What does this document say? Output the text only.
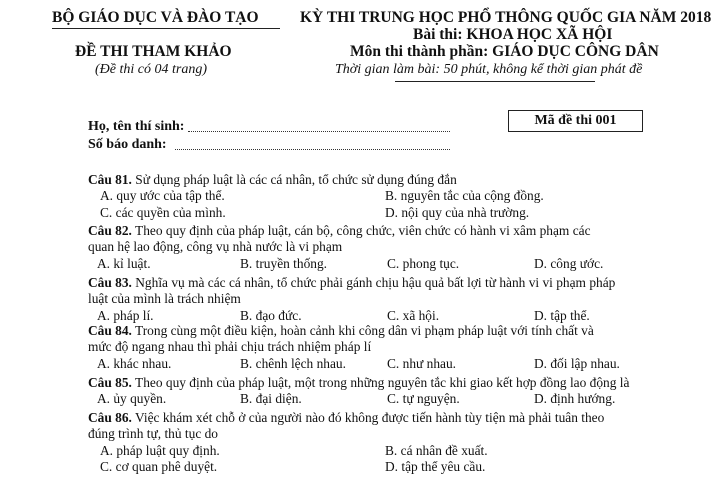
BỘ GIÁO DỤC VÀ ĐÀO TẠO	KỲ THI TRUNG HỌC PHỔ THÔNG QUỐC GIA NĂM 2018
Bài thi: KHOA HỌC XÃ HỘI
ĐỀ THI THAM KHẢO	Môn thi thành phần: GIÁO DỤC CÔNG DÂN
(Đề thi có 04 trang)	Thời gian làm bài: 50 phút, không kể thời gian phát đề
Họ, tên thí sinh:
Số báo danh:
Mã đề thi 001
Câu 81. Sử dụng pháp luật là các cá nhân, tổ chức sử dụng đúng đắn
A. quy ước của tập thể.	B. nguyên tắc của cộng đồng.
C. các quyền của mình.	D. nội quy của nhà trường.
Câu 82. Theo quy định của pháp luật, cán bộ, công chức, viên chức có hành vi xâm phạm các
quan hệ lao động, công vụ nhà nước là vi phạm
A. kỉ luật.	B. truyền thống.	C. phong tục.	D. công ước.
Câu 83. Nghĩa vụ mà các cá nhân, tổ chức phải gánh chịu hậu quả bất lợi từ hành vi vi phạm pháp
luật của mình là trách nhiệm
A. pháp lí.	B. đạo đức.	C. xã hội.	D. tập thể.
Câu 84. Trong cùng một điều kiện, hoàn cảnh khi công dân vi phạm pháp luật với tính chất và
mức độ ngang nhau thì phải chịu trách nhiệm pháp lí
A. khác nhau.	B. chênh lệch nhau.	C. như nhau.	D. đối lập nhau.
Câu 85. Theo quy định của pháp luật, một trong những nguyên tắc khi giao kết hợp đồng lao động là
A. ủy quyền.	B. đại diện.	C. tự nguyện.	D. định hướng.
Câu 86. Việc khám xét chỗ ở của người nào đó không được tiến hành tùy tiện mà phải tuân theo
đúng trình tự, thủ tục do
A. pháp luật quy định.	B. cá nhân đề xuất.
C. cơ quan phê duyệt.	D. tập thể yêu cầu.
